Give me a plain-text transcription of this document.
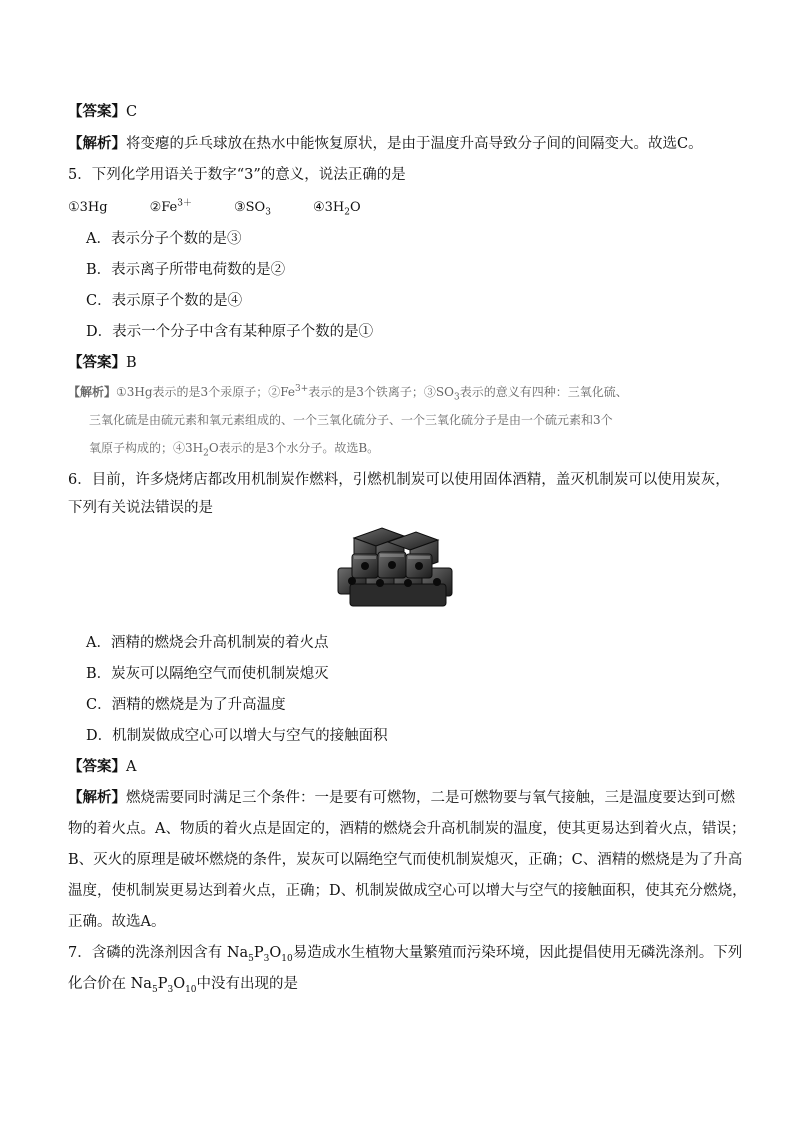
【答案】C
【解析】将变瘪的乒乓球放在热水中能恢复原状，是由于温度升高导致分子间的间隔变大。故选C。
5．下列化学用语关于数字“3”的意义，说法正确的是
①3Hg	$②Fe^{3+}$	$③SO_3$	$④3H_2O$
A．表示分子个数的是③
B．表示离子所带电荷数的是②
C．表示原子个数的是④
D．表示一个分子中含有某种原子个数的是①
【答案】B
【解析】①3Hg表示的是3个汞原子；$②Fe^{3+}$表示的是3个铁离子；$③SO_3$表示的意义有四种：三氧化硫、
三氧化硫是由硫元素和氧元素组成的、一个三氧化硫分子、一个三氧化硫分子是由一个硫元素和3个
氧原子构成的；$④3H_2O$表示的是3个水分子。故选B。
6．目前，许多烧烤店都改用机制炭作燃料，引燃机制炭可以使用固体酒精，盖灭机制炭可以使用炭灰，
下列有关说法错误的是
A．酒精的燃烧会升高机制炭的着火点
B．炭灰可以隔绝空气而使机制炭熄灭
C．酒精的燃烧是为了升高温度
D．机制炭做成空心可以增大与空气的接触面积
【答案】A
【解析】燃烧需要同时满足三个条件：一是要有可燃物，二是可燃物要与氧气接触，三是温度要达到可燃
物的着火点。A、物质的着火点是固定的，酒精的燃烧会升高机制炭的温度，使其更易达到着火点，错误；
B、灭火的原理是破坏燃烧的条件，炭灰可以隔绝空气而使机制炭熄灭，正确；C、酒精的燃烧是为了升高
温度，使机制炭更易达到着火点，正确；D、机制炭做成空心可以增大与空气的接触面积，使其充分燃烧，
正确。故选A。
7．含磷的洗涤剂因含有 $Na_5P_3O_{10}$易造成水生植物大量繁殖而污染环境，因此提倡使用无磷洗涤剂。下列
化合价在 $Na_5P_3O_{10}$中没有出现的是
